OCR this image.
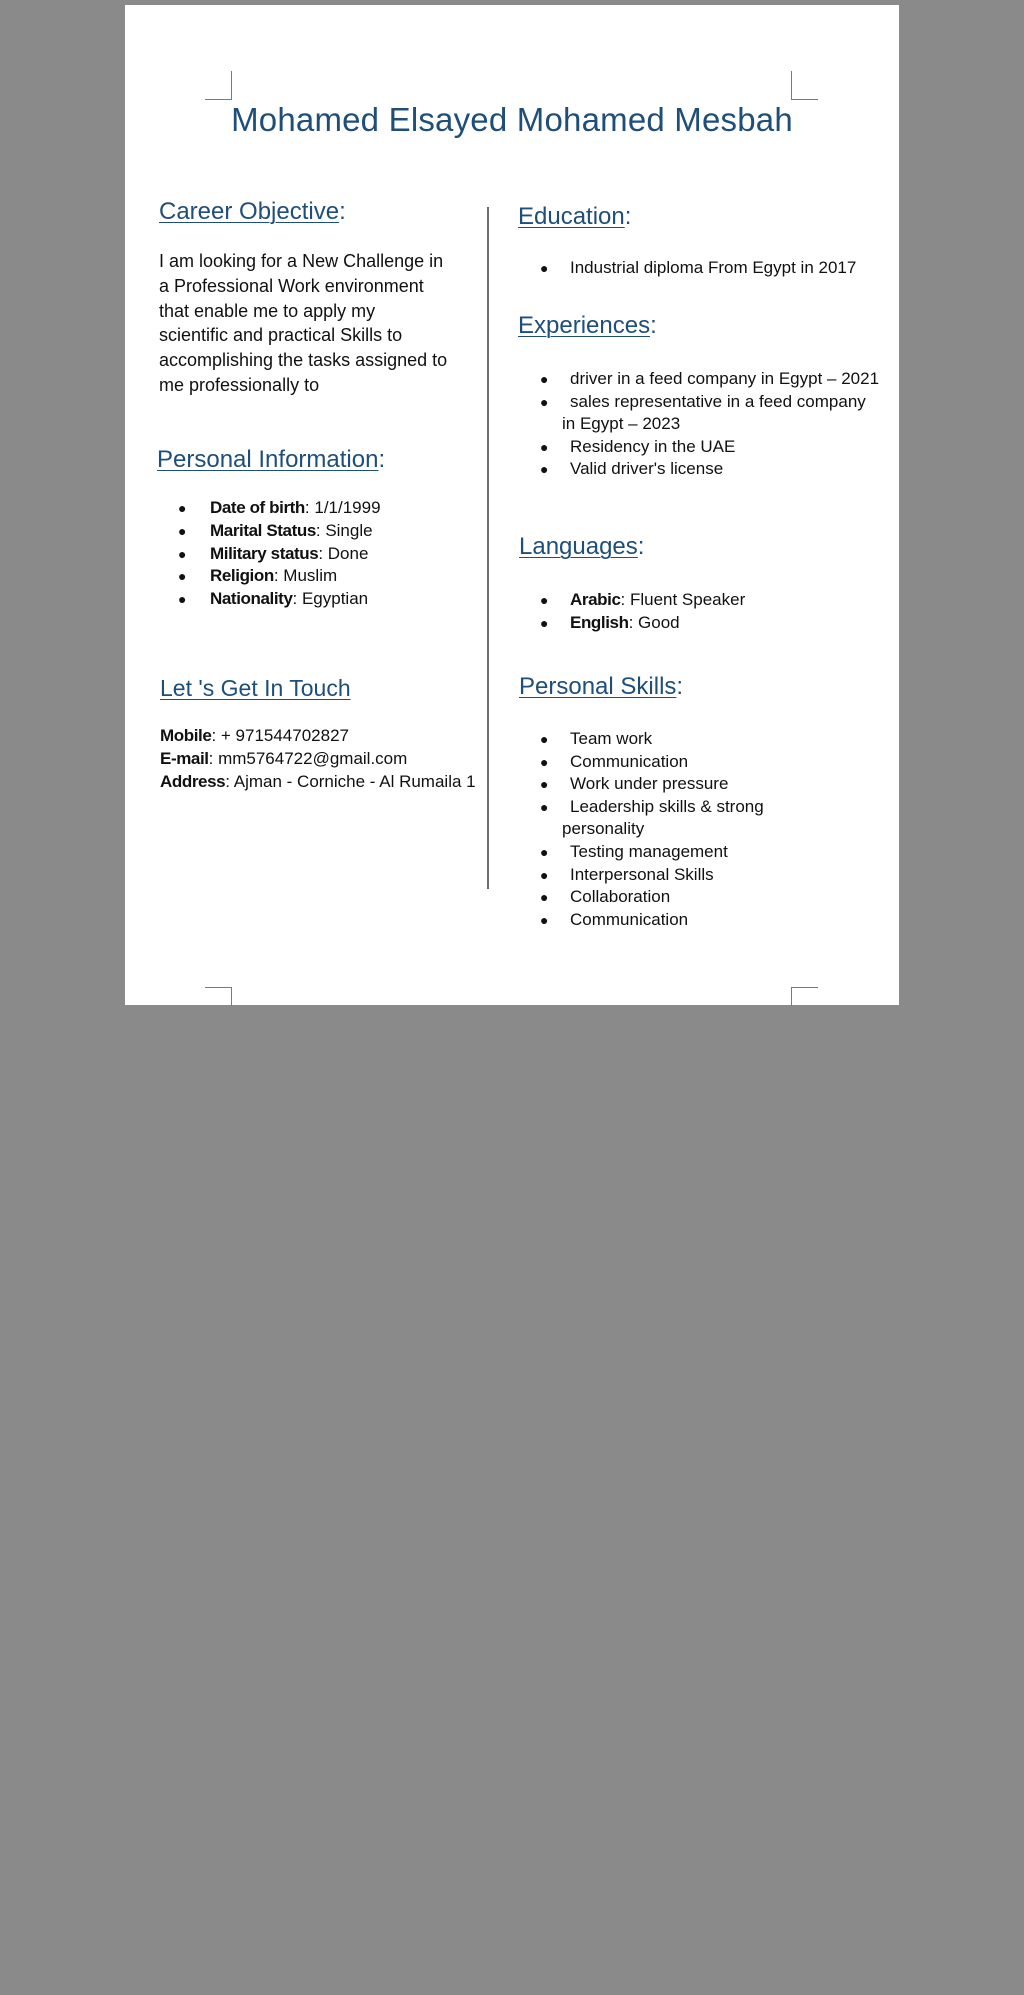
Mohamed Elsayed Mohamed Mesbah
Career Objective:

I am looking for a New Challenge in a Professional Work environment that enable me to apply my scientific and practical Skills to accomplishing the tasks assigned to me professionally to

Personal Information:
● Date of birth: 1/1/1999
● Marital Status: Single
● Military status: Done
● Religion: Muslim
● Nationality: Egyptian
Let 's Get In Touch
Mobile: + 971544702827
E-mail: mm5764722@gmail.com
Address: Ajman - Corniche - Al Rumaila 1
Education:
● Industrial diploma From Egypt in 2017
Experiences:
● driver in a feed company in Egypt – 2021
● sales representative in a feed company
in Egypt – 2023
● Residency in the UAE
● Valid driver's license
Languages:
● Arabic: Fluent Speaker
● English: Good
Personal Skills:
● Team work
● Communication
● Work under pressure
● Leadership skills & strong
personality
● Testing management
● Interpersonal Skills
● Collaboration
● Communication
